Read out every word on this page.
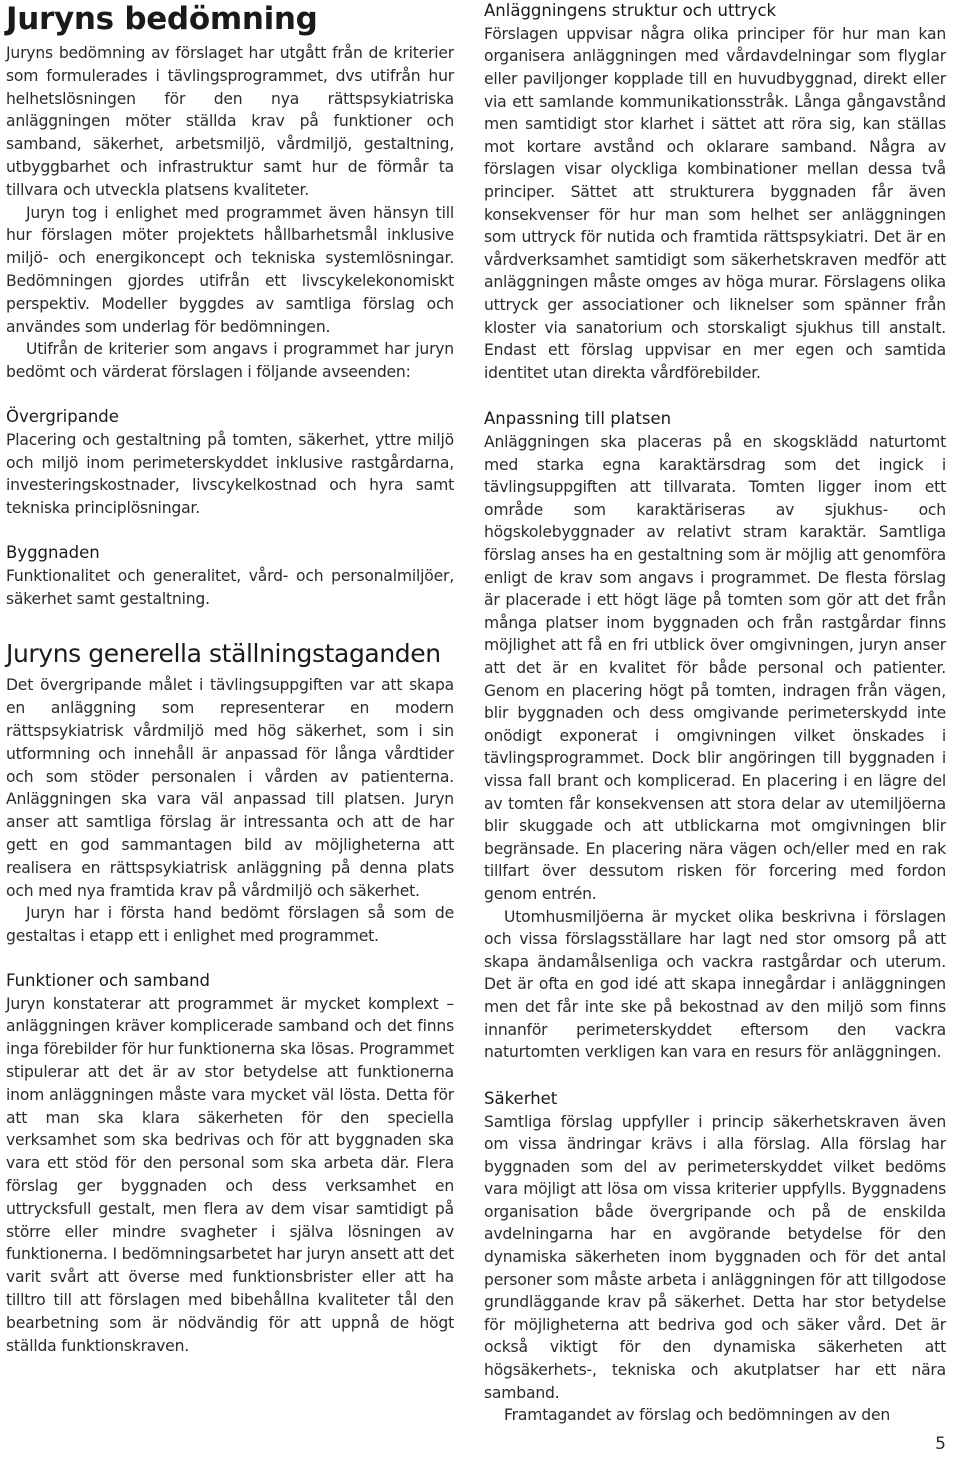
Juryns bedömning

Juryns bedömning av förslaget har utgått från de kriterier som formulerades i tävlingsprogrammet, dvs utifrån hur helhetslösningen för den nya rättspsykiatriska anläggningen möter ställda krav på funktioner och samband, säkerhet, arbetsmiljö, vårdmiljö, gestaltning, utbyggbarhet och infrastruktur samt hur de förmår ta tillvara och utveckla platsens kvaliteter.

Juryn tog i enlighet med programmet även hänsyn till hur förslagen möter projektets hållbarhetsmål inklusive miljö- och energikoncept och tekniska systemlösningar. Bedömningen gjordes utifrån ett livscykelekonomiskt perspektiv. Modeller byggdes av samtliga förslag och användes som underlag för bedömningen.

Utifrån de kriterier som angavs i programmet har juryn bedömt och värderat förslagen i följande avseenden:

Övergripande

Placering och gestaltning på tomten, säkerhet, yttre miljö och miljö inom perimeterskyddet inklusive rastgårdarna, investeringskostnader, livscykelkostnad och hyra samt tekniska principlösningar.

Byggnaden

Funktionalitet och generalitet, vård- och personalmiljöer, säkerhet samt gestaltning.

Juryns generella ställningstaganden

Det övergripande målet i tävlingsuppgiften var att skapa en anläggning som representerar en modern rättspsykiatrisk vårdmiljö med hög säkerhet, som i sin utformning och innehåll är anpassad för långa vårdtider och som stöder personalen i vården av patienterna. Anläggningen ska vara väl anpassad till platsen. Juryn anser att samtliga förslag är intressanta och att de har gett en god sammantagen bild av möjligheterna att realisera en rättspsykiatrisk anläggning på denna plats och med nya framtida krav på vårdmiljö och säkerhet.

Juryn har i första hand bedömt förslagen så som de gestaltas i etapp ett i enlighet med programmet.

Funktioner och samband

Juryn konstaterar att programmet är mycket komplext – anläggningen kräver komplicerade samband och det finns inga förebilder för hur funktionerna ska lösas. Programmet stipulerar att det är av stor betydelse att funktionerna inom anläggningen måste vara mycket väl lösta. Detta för att man ska klara säkerheten för den speciella verksamhet som ska bedrivas och för att byggnaden ska vara ett stöd för den personal som ska arbeta där. Flera förslag ger byggnaden och dess verksamhet en uttrycksfull gestalt, men flera av dem visar samtidigt på större eller mindre svagheter i själva lösningen av funktionerna. I bedömningsarbetet har juryn ansett att det varit svårt att överse med funktionsbrister eller att ha tilltro till att förslagen med bibehållna kvaliteter tål den bearbetning som är nödvändig för att uppnå de högt ställda funktionskraven.

Anläggningens struktur och uttryck

Förslagen uppvisar några olika principer för hur man kan organisera anläggningen med vårdavdelningar som flyglar eller paviljonger kopplade till en huvudbyggnad, direkt eller via ett samlande kommunikationsstråk. Långa gångavstånd men samtidigt stor klarhet i sättet att röra sig, kan ställas mot kortare avstånd och oklarare samband. Några av förslagen visar olyckliga kombinationer mellan dessa två principer. Sättet att strukturera byggnaden får även konsekvenser för hur man som helhet ser anläggningen som uttryck för nutida och framtida rättspsykiatri. Det är en vårdverksamhet samtidigt som säkerhetskraven medför att anläggningen måste omges av höga murar. Förslagens olika uttryck ger associationer och liknelser som spänner från kloster via sanatorium och storskaligt sjukhus till anstalt. Endast ett förslag uppvisar en mer egen och samtida identitet utan direkta vårdförebilder.

Anpassning till platsen

Anläggningen ska placeras på en skogsklädd naturtomt med starka egna karaktärsdrag som det ingick i tävlingsuppgiften att tillvarata. Tomten ligger inom ett område som karaktäriseras av sjukhus- och högskolebyggnader av relativt stram karaktär. Samtliga förslag anses ha en gestaltning som är möjlig att genomföra enligt de krav som angavs i programmet. De flesta förslag är placerade i ett högt läge på tomten som gör att det från många platser inom byggnaden och från rastgårdar finns möjlighet att få en fri utblick över omgivningen, juryn anser att det är en kvalitet för både personal och patienter. Genom en placering högt på tomten, indragen från vägen, blir byggnaden och dess omgivande perimeterskydd inte onödigt exponerat i omgivningen vilket önskades i tävlingsprogrammet. Dock blir angöringen till byggnaden i vissa fall brant och komplicerad. En placering i en lägre del av tomten får konsekvensen att stora delar av utemiljöerna blir skuggade och att utblickarna mot omgivningen blir begränsade. En placering nära vägen och/eller med en rak tillfart över dessutom risken för forcering med fordon genom entrén.

Utomhusmiljöerna är mycket olika beskrivna i förslagen och vissa förslagsställare har lagt ned stor omsorg på att skapa ändamålsenliga och vackra rastgårdar och uterum. Det är ofta en god idé att skapa innegårdar i anläggningen men det får inte ske på bekostnad av den miljö som finns innanför perimeterskyddet eftersom den vackra naturtomten verkligen kan vara en resurs för anläggningen.

Säkerhet

Samtliga förslag uppfyller i princip säkerhetskraven även om vissa ändringar krävs i alla förslag. Alla förslag har byggnaden som del av perimeterskyddet vilket bedöms vara möjligt att lösa om vissa kriterier uppfylls. Byggnadens organisation både övergripande och på de enskilda avdelningarna har en avgörande betydelse för den dynamiska säkerheten inom byggnaden och för det antal personer som måste arbeta i anläggningen för att tillgodose grundläggande krav på säkerhet. Detta har stor betydelse för möjligheterna att bedriva god och säker vård. Det är också viktigt för den dynamiska säkerheten att högsäkerhets-, tekniska och akutplatser har ett nära samband.

Framtagandet av förslag och bedömningen av den

5
